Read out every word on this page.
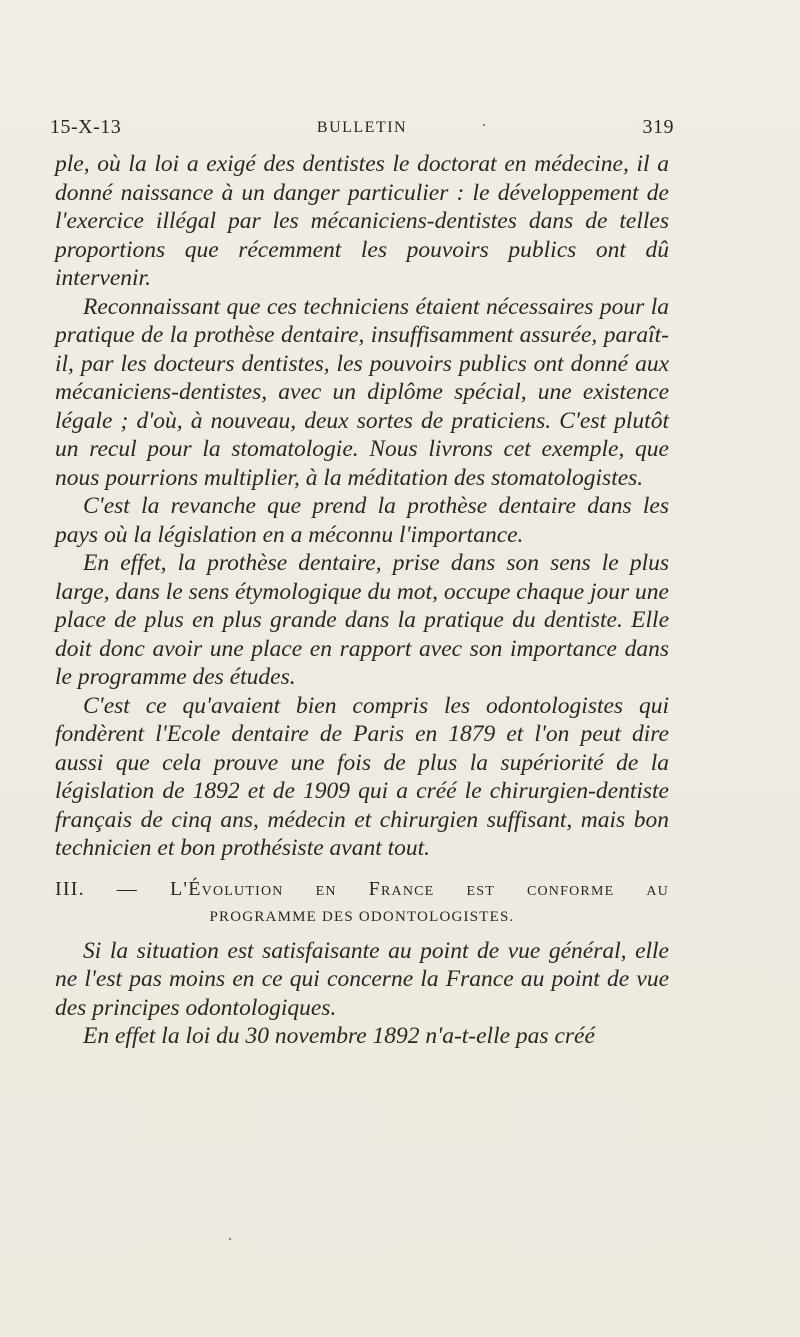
15-X-13	BULLETIN	319

ple, où la loi a exigé des dentistes le doctorat en médecine, il a donné naissance à un danger particulier : le développement de l'exercice illégal par les mécaniciens-dentistes dans de telles proportions que récemment les pouvoirs publics ont dû intervenir.

Reconnaissant que ces techniciens étaient nécessaires pour la pratique de la prothèse dentaire, insuffisamment assurée, paraît-il, par les docteurs dentistes, les pouvoirs publics ont donné aux mécaniciens-dentistes, avec un diplôme spécial, une existence légale ; d'où, à nouveau, deux sortes de praticiens. C'est plutôt un recul pour la stomatologie. Nous livrons cet exemple, que nous pourrions multiplier, à la méditation des stomatologistes.

C'est la revanche que prend la prothèse dentaire dans les pays où la législation en a méconnu l'importance.

En effet, la prothèse dentaire, prise dans son sens le plus large, dans le sens étymologique du mot, occupe chaque jour une place de plus en plus grande dans la pratique du dentiste. Elle doit donc avoir une place en rapport avec son importance dans le programme des études.

C'est ce qu'avaient bien compris les odontologistes qui fondèrent l'Ecole dentaire de Paris en 1879 et l'on peut dire aussi que cela prouve une fois de plus la supériorité de la législation de 1892 et de 1909 qui a créé le chirurgien-dentiste français de cinq ans, médecin et chirurgien suffisant, mais bon technicien et bon prothésiste avant tout.

III. — L'Évolution en France est conforme au
PROGRAMME DES ODONTOLOGISTES.

Si la situation est satisfaisante au point de vue général, elle ne l'est pas moins en ce qui concerne la France au point de vue des principes odontologiques.

En effet la loi du 30 novembre 1892 n'a-t-elle pas créé
